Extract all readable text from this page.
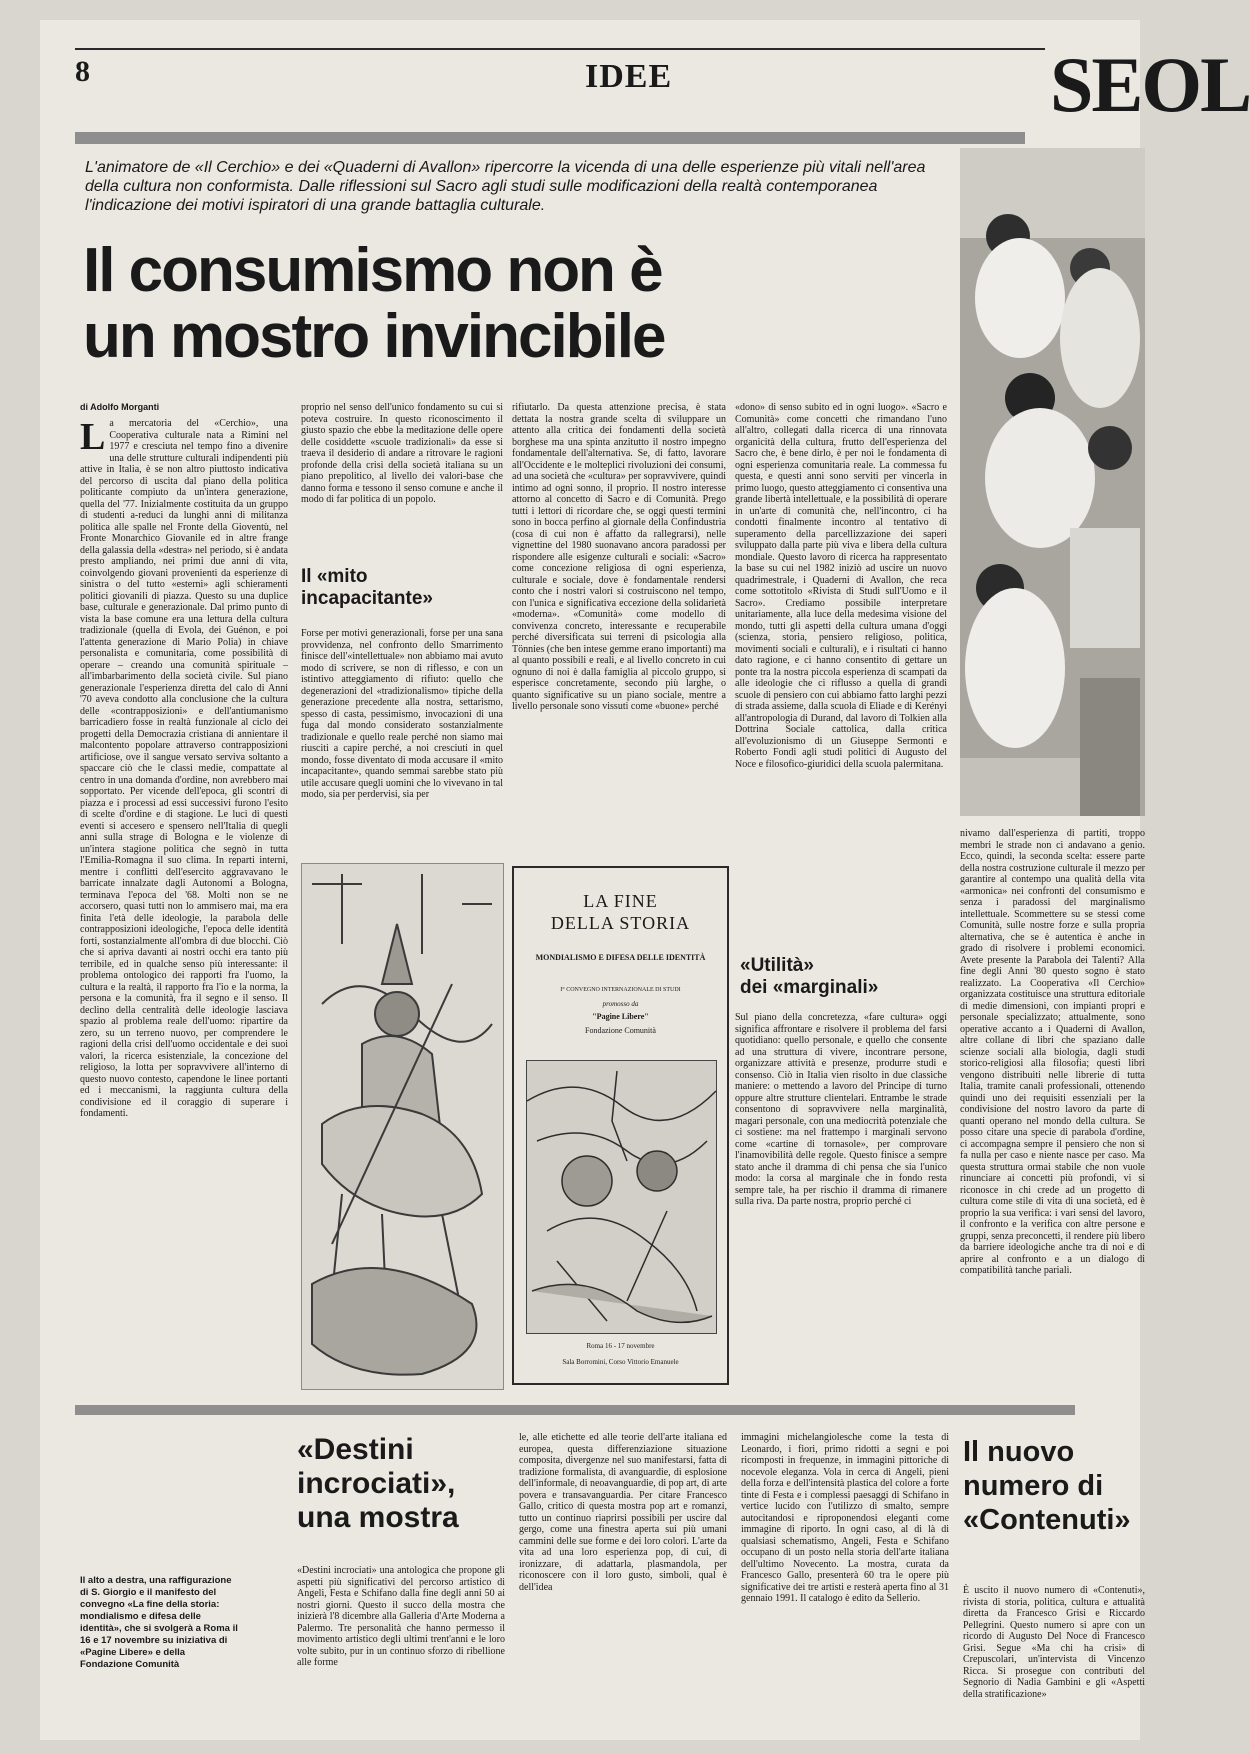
8	IDEE	SEOL
L'animatore de «Il Cerchio» e dei «Quaderni di Avallon» ripercorre la vicenda di una delle esperienze più vitali nell'area della cultura non conformista. Dalle riflessioni sul Sacro agli studi sulle modificazioni della realtà contemporanea l'indicazione dei motivi ispiratori di una grande battaglia culturale.
Il consumismo non è
un mostro invincibile
di Adolfo Morganti
La mercatoria del «Cerchio», una Cooperativa culturale nata a Rimini nel 1977 e cresciuta nel tempo fino a divenire una delle strutture culturali indipendenti più attive in Italia, è se non altro piuttosto indicativa del percorso di uscita dal piano della politica politicante compiuto da un'intera generazione, quella del '77. Inizialmente costituita da un gruppo di studenti a-reduci da lunghi anni di militanza politica alle spalle nel Fronte della Gioventù, nel Fronte Monarchico Giovanile ed in altre frange della galassia della «destra» nel periodo, si è andata presto ampliando, nei primi due anni di vita, coinvolgendo giovani provenienti da esperienze di sinistra o del tutto «esterni» agli schieramenti politici giovanili di piazza. Questo su una duplice base, culturale e generazionale. Dal primo punto di vista la base comune era una lettura della cultura tradizionale (quella di Evola, dei Guénon, e poi l'attenta generazione di Mario Polia) in chiave personalista e comunitaria, come possibilità di operare – creando una comunità spirituale – all'imbarbarimento della società civile. Sul piano generazionale l'esperienza diretta del calo di Anni '70 aveva condotto alla conclusione che la cultura delle «contrapposizioni» e dell'antiumanismo barricadiero fosse in realtà funzionale al ciclo dei progetti della Democrazia cristiana di annientare il malcontento popolare attraverso contrapposizioni artificiose, ove il sangue versato serviva soltanto a spaccare ciò che le classi medie, compattate al centro in una domanda d'ordine, non avrebbero mai sopportato. Per vicende dell'epoca, gli scontri di piazza e i processi ad essi successivi furono l'esito di scelte d'ordine e di stagione. Le luci di questi eventi si accesero e spensero nell'Italia di quegli anni sulla strage di Bologna e le violenze di un'intera stagione politica che segnò in tutta l'Emilia-Romagna il suo clima. In reparti interni, mentre i conflitti dell'esercito aggravavano le barricate innalzate dagli Autonomi a Bologna, terminava l'epoca del '68. Molti non se ne accorsero, quasi tutti non lo ammisero mai, ma era finita l'età delle ideologie, la parabola delle contrapposizioni ideologiche, l'epoca delle identità forti, sostanzialmente all'ombra di due blocchi. Ciò che si apriva davanti ai nostri occhi era tanto più terribile, ed in qualche senso più interessante: il problema ontologico dei rapporti fra l'uomo, la cultura e la realtà, il rapporto fra l'io e la norma, la persona e la comunità, fra il segno e il senso. Il declino della centralità delle ideologie lasciava spazio al problema reale dell'uomo: ripartire da zero, su un terreno nuovo, per comprendere le ragioni della crisi dell'uomo occidentale e dei suoi valori, la ricerca esistenziale, la concezione del religioso, la lotta per sopravvivere all'interno di questo nuovo contesto, capendone le linee portanti ed i meccanismi, la raggiunta cultura della condivisione ed il coraggio di superare i fondamenti.
proprio nel senso dell'unico fondamento su cui si poteva costruire. In questo riconoscimento il giusto spazio che ebbe la meditazione delle opere delle cosiddette «scuole tradizionali» da esse si traeva il desiderio di andare a ritrovare le ragioni profonde della crisi della società italiana su un piano prepolitico, al livello dei valori-base che danno forma e tessono il senso comune e anche il modo di far politica di un popolo.
Il «mito incapacitante»
Forse per motivi generazionali, forse per una sana provvidenza, nel confronto dello Smarrimento finisce dell'«intellettuale» non abbiamo mai avuto modo di scrivere, se non di riflesso, e con un istintivo atteggiamento di rifiuto: quello che degenerazioni del «tradizionalismo» tipiche della generazione precedente alla nostra, settarismo, spesso di casta, pessimismo, invocazioni di una fuga dal mondo considerato sostanzialmente tradizionale e quello reale perché non siamo mai riusciti a capire perché, a noi cresciuti in quel mondo, fosse diventato di moda accusare il «mito incapacitante», quando semmai sarebbe stato più utile accusare quegli uomini che lo vivevano in tal modo, sia per perdervisi, sia per
rifiutarlo. Da questa attenzione precisa, è stata dettata la nostra grande scelta di sviluppare un attento alla critica dei fondamenti della società borghese ma una spinta anzitutto il nostro impegno fondamentale dell'alternativa. Se, di fatto, lavorare all'Occidente e le molteplici rivoluzioni dei consumi, ad una società che «cultura» per sopravvivere, quindi intimo ad ogni sonno, il proprio. Il nostro interesse attorno al concetto di Sacro e di Comunità. Prego tutti i lettori di ricordare che, se oggi questi termini sono in bocca perfino al giornale della Confindustria (cosa di cui non è affatto da rallegrarsi), nelle vignettine del 1980 suonavano ancora paradossi per rispondere alle esigenze culturali e sociali: «Sacro» come concezione religiosa di ogni esperienza, culturale e sociale, dove è fondamentale rendersi conto che i nostri valori si costruiscono nel tempo, con l'unica e significativa eccezione della solidarietà «moderna». «Comunità» come modello di convivenza concreto, interessante e recuperabile perché diversificata sui terreni di psicologia alla Tönnies (che ben intese gemme erano importanti) ma al quanto possibili e reali, e al livello concreto in cui ognuno di noi è dalla famiglia al piccolo gruppo, si esperisce concretamente, secondo più larghe, o quanto significative su un piano sociale, mentre a livello personale sono vissuti come «buone» perché
«dono» di senso subito ed in ogni luogo». «Sacro e Comunità» come concetti che rimandano l'uno all'altro, collegati dalla ricerca di una rinnovata organicità della cultura, frutto dell'esperienza del Sacro che, è bene dirlo, è per noi le fondamenta di ogni esperienza comunitaria reale. La commessa fu questa, e questi anni sono serviti per vincerla in primo luogo, questo atteggiamento ci consentiva una grande libertà intellettuale, e la possibilità di operare in un'arte di comunità che, nell'incontro, ci ha condotti finalmente incontro al tentativo di superamento della parcellizzazione dei saperi sviluppato dalla parte più viva e libera della cultura mondiale. Questo lavoro di ricerca ha rappresentato la base su cui nel 1982 iniziò ad uscire un nuovo quadrimestrale, i Quaderni di Avallon, che reca come sottotitolo «Rivista di Studi sull'Uomo e il Sacro». Crediamo possibile interpretare unitariamente, alla luce della medesima visione del mondo, tutti gli aspetti della cultura umana d'oggi (scienza, storia, pensiero religioso, politica, movimenti sociali e culturali), e i risultati ci hanno dato ragione, e ci hanno consentito di gettare un ponte tra la nostra piccola esperienza di scampati da alle ideologie che ci riflusso a quella di grandi scuole di pensiero con cui abbiamo fatto larghi pezzi di strada assieme, dalla scuola di Eliade e di Kerényi all'antropologia di Durand, dal lavoro di Tolkien alla Dottrina Sociale cattolica, dalla critica all'evoluzionismo di un Giuseppe Sermonti e Roberto Fondi agli studi politici di Augusto del Noce e filosofico-giuridici della scuola palermitana.
«Utilità»
dei «marginali»
Sul piano della concretezza, «fare cultura» oggi significa affrontare e risolvere il problema del farsi quotidiano: quello personale, e quello che consente ad una struttura di vivere, incontrare persone, organizzare attività e presenze, produrre studi e consenso. Ciò in Italia vien risolto in due classiche maniere: o mettendo a lavoro del Principe di turno oppure altre strutture clientelari. Entrambe le strade consentono di sopravvivere nella marginalità, magari personale, con una mediocrità potenziale che ci sostiene: ma nel frattempo i marginali servono come «cartine di tornasole», per comprovare l'inamovibilità delle regole. Questo finisce a sempre stato anche il dramma di chi pensa che sia l'unico modo: la corsa al marginale che in fondo resta sempre tale, ha per rischio il dramma di rimanere sulla riva. Da parte nostra, proprio perché ci
nivamo dall'esperienza di partiti, troppo membri le strade non ci andavano a genio. Ecco, quindi, la seconda scelta: essere parte della nostra costruzione culturale il mezzo per garantire al contempo una qualità della vita «armonica» nei confronti del consumismo e senza i paradossi del marginalismo intellettuale. Scommettere su se stessi come Comunità, sulle nostre forze e sulla propria alternativa, che se è autentica è anche in grado di risolvere i problemi economici. Avete presente la Parabola dei Talenti? Alla fine degli Anni '80 questo sogno è stato realizzato. La Cooperativa «Il Cerchio» organizzata costituisce una struttura editoriale di medie dimensioni, con impianti propri e personale specializzato; attualmente, sono operative accanto a i Quaderni di Avallon, altre collane di libri che spaziano dalle scienze sociali alla biologia, dagli studi storico-religiosi alla filosofia; questi libri vengono distribuiti nelle librerie di tutta Italia, tramite canali professionali, ottenendo quindi uno dei requisiti essenziali per la condivisione del nostro lavoro da parte di quanti operano nel mondo della cultura. Se posso citare una specie di parabola d'ordine, ci accompagna sempre il pensiero che non si fa nulla per caso e niente nasce per caso. Ma questa struttura ormai stabile che non vuole rinunciare ai concetti più profondi, vi si riconosce in chi crede ad un progetto di cultura come stile di vita di una società, ed è proprio la sua verifica: i vari sensi del lavoro, il confronto e la verifica con altre persone e gruppi, senza preconcetti, il rendere più libero da barriere ideologiche anche tra di noi e di aprire al confronto e a un dialogo di compatibilità tanche pariali.
LA FINE
DELLA STORIA
MONDIALISMO E DIFESA DELLE IDENTITÀ
I° CONVEGNO INTERNAZIONALE DI STUDI
promosso da
"Pagine Libere"
Fondazione Comunità
Roma 16 - 17 novembre
Sala Borromini, Corso Vittorio Emanuele
Il alto a destra, una raffigurazione di S. Giorgio e il manifesto del convegno «La fine della storia: mondialismo e difesa delle identità», che si svolgerà a Roma il 16 e 17 novembre su iniziativa di «Pagine Libere» e della Fondazione Comunità
«Destini incrociati», una mostra
«Destini incrociati» una antologica che propone gli aspetti più significativi del percorso artistico di Angeli, Festa e Schifano dalla fine degli anni 50 ai nostri giorni. Questo il succo della mostra che inizierà l'8 dicembre alla Galleria d'Arte Moderna a Palermo. Tre personalità che hanno permesso il movimento artistico degli ultimi trent'anni e le loro volte subito, pur in un continuo sforzo di ribellione alle forme
le, alle etichette ed alle teorie dell'arte italiana ed europea, questa differenziazione situazione composita, divergenze nel suo manifestarsi, fatta di tradizione formalista, di avanguardie, di esplosione dell'informale, di neoavanguardie, di pop art, di arte povera e transavanguardia. Per citare Francesco Gallo, critico di questa mostra pop art e romanzi, tutto un continuo riaprirsi possibili per uscire dal gergo, come una finestra aperta sui più umani cammini delle sue forme e dei loro colori. L'arte da vita ad una loro esperienza pop, di cui, di ironizzare, di adattarla, plasmandola, per riconoscere con il loro gusto, simboli, qual è dell'idea
immagini michelangiolesche come la testa di Leonardo, i fiori, primo ridotti a segni e poi ricomposti in frequenze, in immagini pittoriche di nocevole eleganza. Vola in cerca di Angeli, pieni della forza e dell'intensità plastica del colore a forte tinte di Festa e i complessi paesaggi di Schifano in vertice lucido con l'utilizzo di smalto, sempre autocitandosi e riproponendosi eleganti come immagine di riporto. In ogni caso, al di là di qualsiasi schematismo, Angeli, Festa e Schifano occupano di un posto nella storia dell'arte italiana dell'ultimo Novecento. La mostra, curata da Francesco Gallo, presenterà 60 tra le opere più significative dei tre artisti e resterà aperta fino al 31 gennaio 1991. Il catalogo è edito da Sellerio.
Il nuovo numero di «Contenuti»
È uscito il nuovo numero di «Contenuti», rivista di storia, politica, cultura e attualità diretta da Francesco Grisi e Riccardo Pellegrini. Questo numero si apre con un ricordo di Augusto Del Noce di Francesco Grisi. Segue «Ma chi ha crisi» di Crepuscolari, un'intervista di Vincenzo Ricca. Si prosegue con contributi del Segnorio di Nadia Gambini e gli «Aspetti della stratificazione»
